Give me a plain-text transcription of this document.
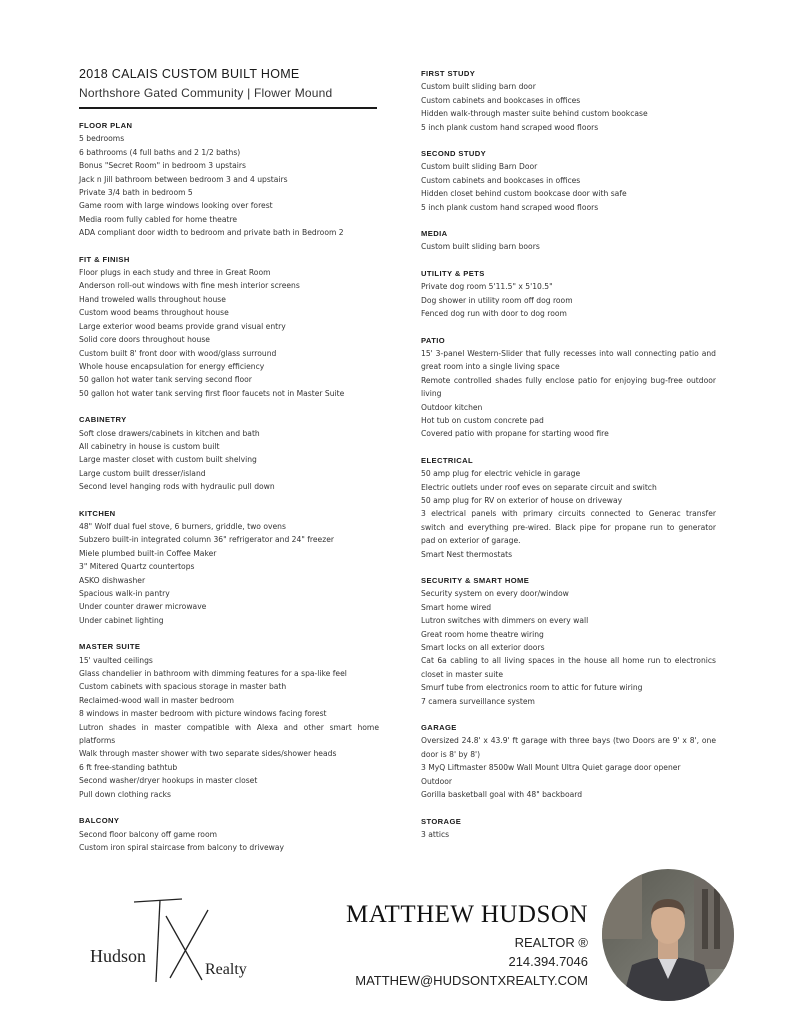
2018 CALAIS CUSTOM BUILT HOME
Northshore Gated Community | Flower Mound
FLOOR PLAN
5 bedrooms
6 bathrooms (4 full baths and 2 1/2 baths)
Bonus "Secret Room" in bedroom 3 upstairs
Jack n Jill bathroom between bedroom 3 and 4 upstairs
Private 3/4 bath in bedroom 5
Game room with large windows looking over forest
Media room fully cabled for home theatre
ADA compliant door width to bedroom and private bath in Bedroom 2
FIT & FINISH
Floor plugs in each study and three in Great Room
Anderson roll-out windows with fine mesh interior screens
Hand troweled walls throughout house
Custom wood beams throughout house
Large exterior wood beams provide grand visual entry
Solid core doors throughout house
Custom built 8' front door with wood/glass surround
Whole house encapsulation for energy efficiency
50 gallon hot water tank serving second floor
50 gallon hot water tank serving first floor faucets not in Master Suite
CABINETRY
Soft close drawers/cabinets in kitchen and bath
All cabinetry in house is custom built
Large master closet with custom built shelving
Large custom built dresser/island
Second level hanging rods with hydraulic pull down
KITCHEN
48" Wolf dual fuel stove, 6 burners, griddle, two ovens
Subzero built-in integrated column 36" refrigerator and 24" freezer
Miele plumbed built-in Coffee Maker
3" Mitered Quartz countertops
ASKO dishwasher
Spacious walk-in pantry
Under counter drawer microwave
Under cabinet lighting
MASTER SUITE
15' vaulted ceilings
Glass chandelier in bathroom with dimming features for a spa-like feel
Custom cabinets with spacious storage in master bath
Reclaimed-wood wall in master bedroom
8 windows in master bedroom with picture windows facing forest
Lutron shades in master compatible with Alexa and other smart home platforms
Walk through master shower with two separate sides/shower heads
6 ft free-standing bathtub
Second washer/dryer hookups in master closet
Pull down clothing racks
BALCONY
Second floor balcony off game room
Custom iron spiral staircase from balcony to driveway
FIRST STUDY
Custom built sliding barn door
Custom cabinets and bookcases in offices
Hidden walk-through master suite behind custom bookcase
5 inch plank custom hand scraped wood floors
SECOND STUDY
Custom built sliding Barn Door
Custom cabinets and bookcases in offices
Hidden closet behind custom bookcase door with safe
5 inch plank custom hand scraped wood floors
MEDIA
Custom built sliding barn boors
UTILITY & PETS
Private dog room 5'11.5" x 5'10.5"
Dog shower in utility room off dog room
Fenced dog run with door to dog room
PATIO
15' 3-panel Western-Slider that fully recesses into wall connecting patio and great room into a single living space
Remote controlled shades fully enclose patio for enjoying bug-free outdoor living
Outdoor kitchen
Hot tub on custom concrete pad
Covered patio with propane for starting wood fire
ELECTRICAL
50 amp plug for electric vehicle in garage
Electric outlets under roof eves on separate circuit and switch
50 amp plug for RV on exterior of house on driveway
3 electrical panels with primary circuits connected to Generac transfer switch and everything pre-wired. Black pipe for propane run to generator pad on exterior of garage.
Smart Nest thermostats
SECURITY & SMART HOME
Security system on every door/window
Smart home wired
Lutron switches with dimmers on every wall
Great room home theatre wiring
Smart locks on all exterior doors
Cat 6a cabling to all living spaces in the house all home run to electronics closet in master suite
Smurf tube from electronics room to attic for future wiring
7 camera surveillance system
GARAGE
Oversized 24.8' x 43.9' ft garage with three bays (two Doors are 9' x 8', one door is 8' by 8')
3 MyQ Liftmaster 8500w Wall Mount Ultra Quiet garage door opener
Outdoor
Gorilla basketball goal with 48" backboard
STORAGE
3 attics
Hudson
Realty
MATTHEW HUDSON
REALTOR ®
214.394.7046
MATTHEW@HUDSONTXREALTY.COM
